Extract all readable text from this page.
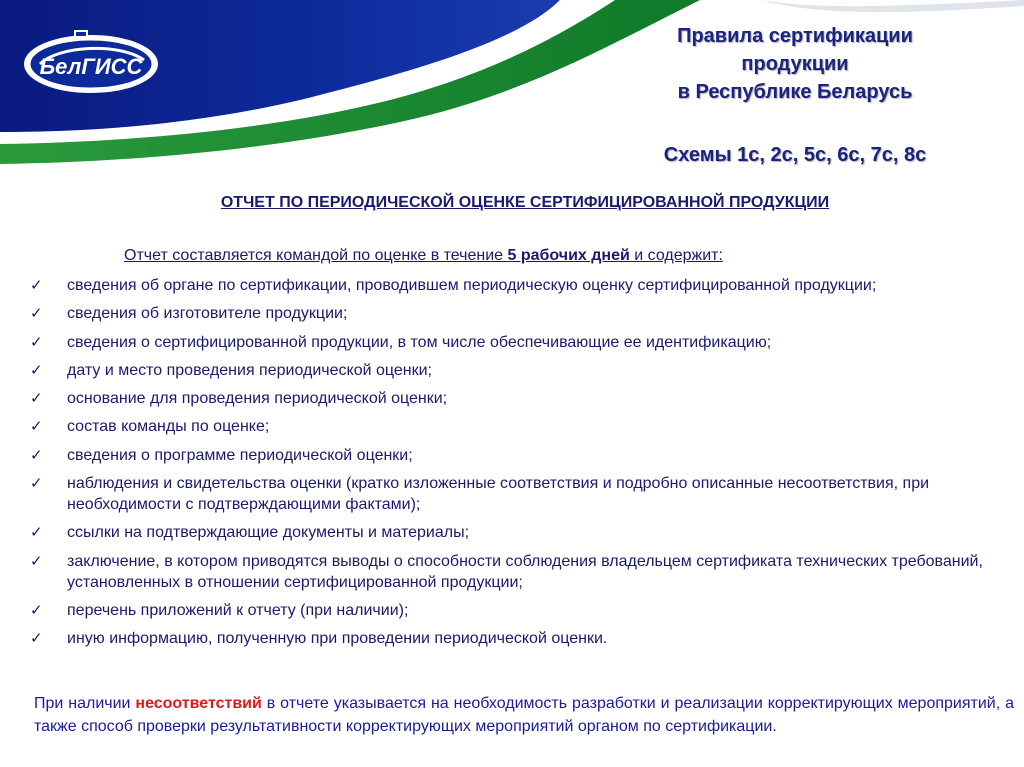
БелГИСС
Правила сертификации
продукции
в Республике Беларусь
Схемы 1с, 2с, 5с, 6с, 7с, 8с
ОТЧЕТ ПО ПЕРИОДИЧЕСКОЙ ОЦЕНКЕ СЕРТИФИЦИРОВАННОЙ ПРОДУКЦИИ
Отчет составляется командой по оценке в течение 5 рабочих дней и содержит:
✓ сведения об органе по сертификации, проводившем периодическую оценку сертифицированной продукции;
✓ сведения об изготовителе продукции;
✓ сведения о сертифицированной продукции, в том числе обеспечивающие ее идентификацию;
✓ дату и место проведения периодической оценки;
✓ основание для проведения периодической оценки;
✓ состав команды по оценке;
✓ сведения о программе периодической оценки;
✓ наблюдения и свидетельства оценки (кратко изложенные соответствия и подробно описанные несоответствия, при необходимости с подтверждающими фактами);
✓ ссылки на подтверждающие документы и материалы;
✓ заключение, в котором приводятся выводы о способности соблюдения владельцем сертификата технических требований, установленных в отношении сертифицированной продукции;
✓ перечень приложений к отчету (при наличии);
✓ иную информацию, полученную при проведении периодической оценки.
При наличии несоответствий в отчете указывается на необходимость разработки и реализации корректирующих мероприятий, а также способ проверки результативности корректирующих мероприятий органом по сертификации.
